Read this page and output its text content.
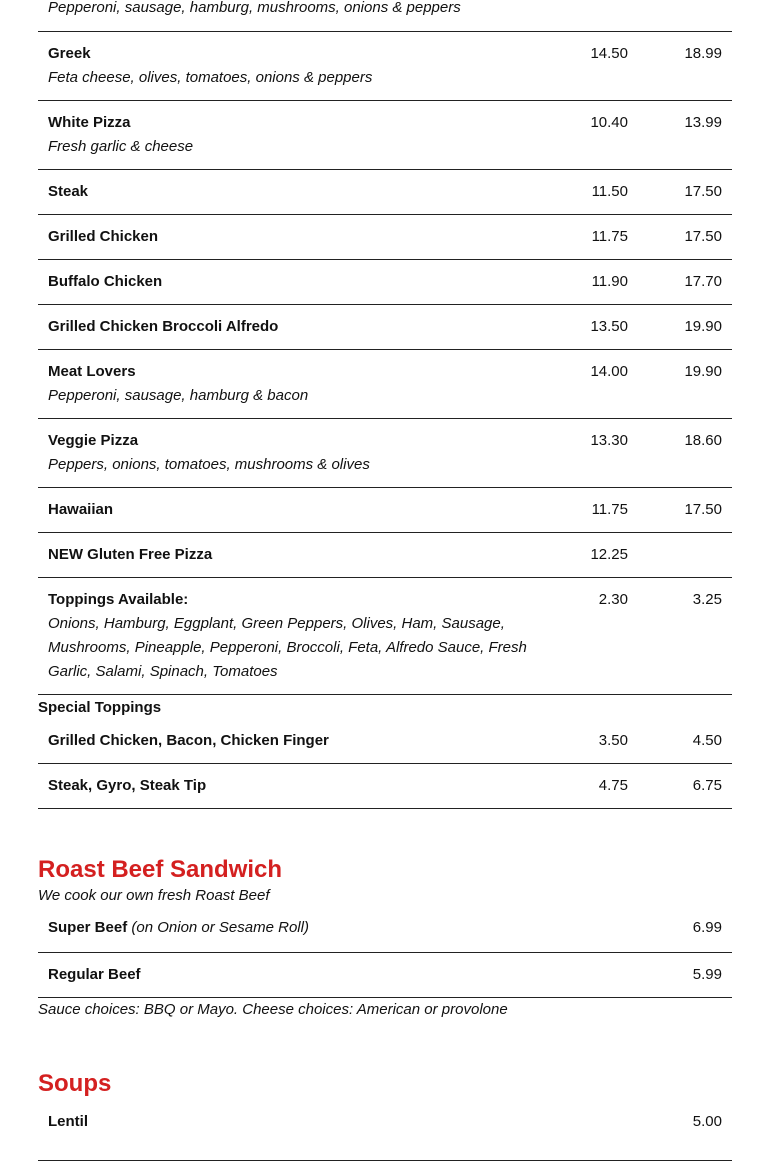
Pepperoni, sausage, hamburg, mushrooms, onions & peppers
Greek
Feta cheese, olives, tomatoes, onions & peppers
14.50	18.99
White Pizza
Fresh garlic & cheese
10.40	13.99
Steak	11.50	17.50
Grilled Chicken	11.75	17.50
Buffalo Chicken	11.90	17.70
Grilled Chicken Broccoli Alfredo	13.50	19.90
Meat Lovers
Pepperoni, sausage, hamburg & bacon
14.00	19.90
Veggie Pizza
Peppers, onions, tomatoes, mushrooms & olives
13.30	18.60
Hawaiian	11.75	17.50
NEW Gluten Free Pizza	12.25
Toppings Available:
Onions, Hamburg, Eggplant, Green Peppers, Olives, Ham, Sausage,
Mushrooms, Pineapple, Pepperoni, Broccoli, Feta, Alfredo Sauce, Fresh
Garlic, Salami, Spinach, Tomatoes
2.30	3.25
Special Toppings
Grilled Chicken, Bacon, Chicken Finger	3.50	4.50
Steak, Gyro, Steak Tip	4.75	6.75
Roast Beef Sandwich
We cook our own fresh Roast Beef
Super Beef (on Onion or Sesame Roll)	6.99
Regular Beef	5.99
Sauce choices: BBQ or Mayo. Cheese choices: American or provolone
Soups
Lentil	5.00
